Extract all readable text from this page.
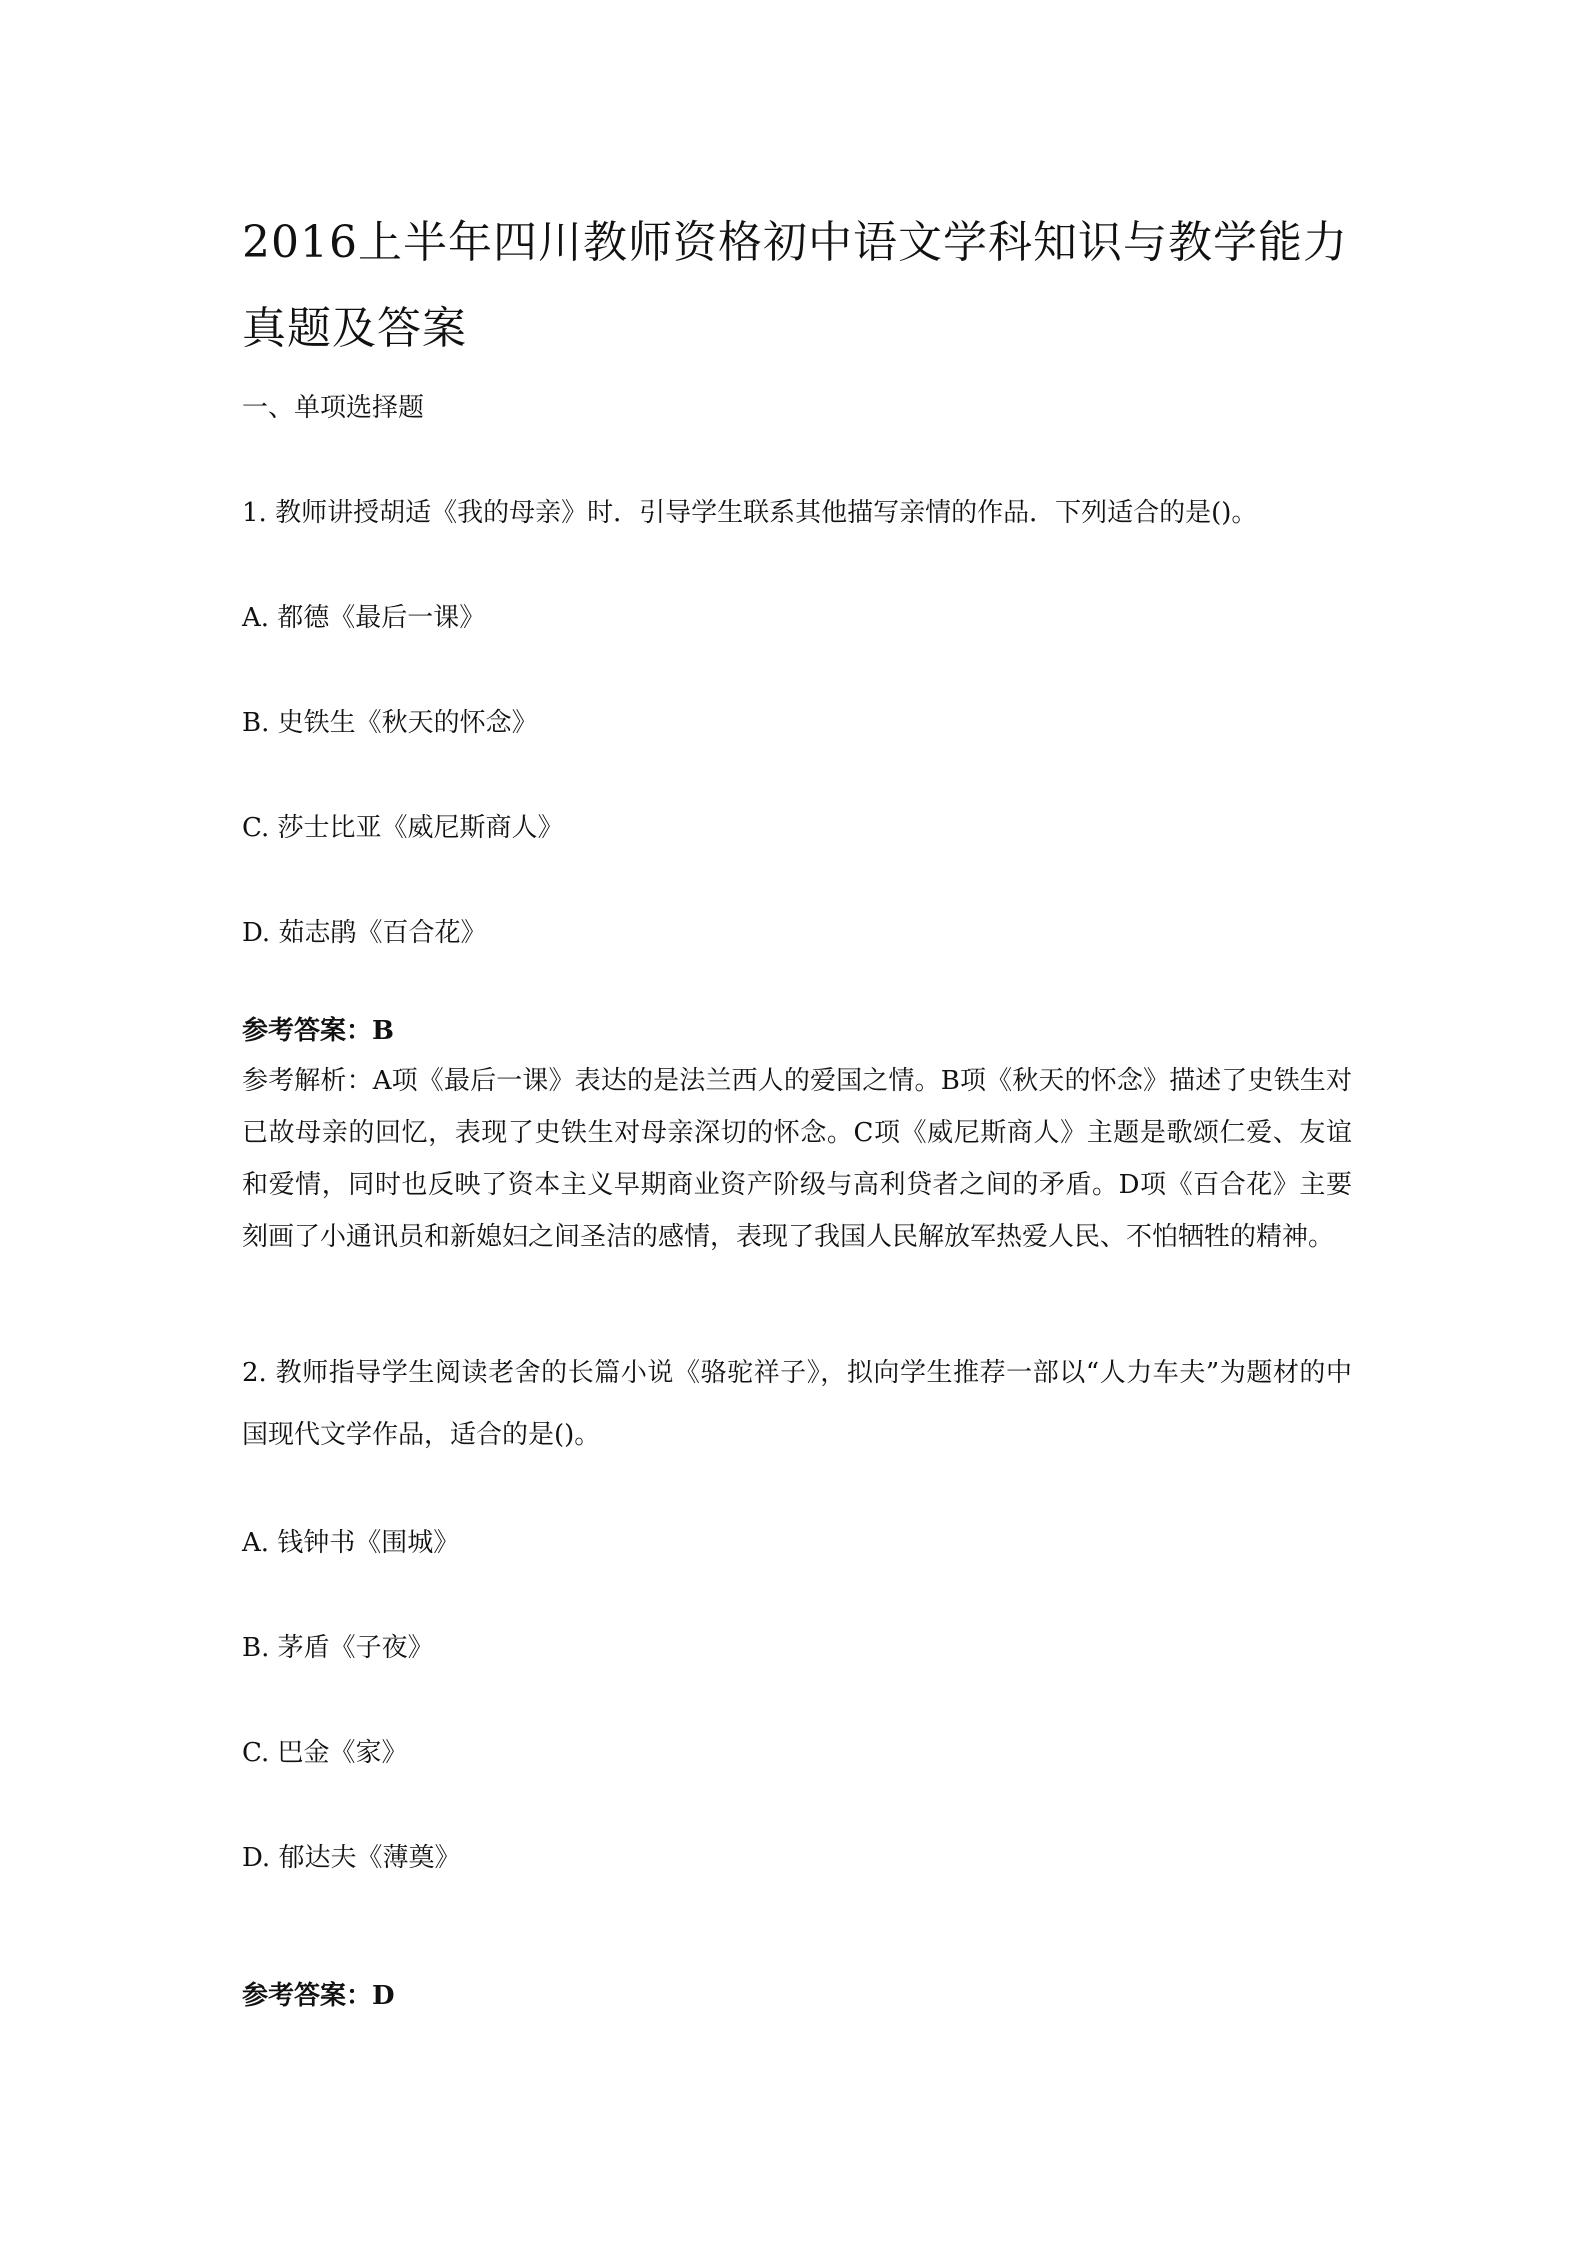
2016上半年四川教师资格初中语文学科知识与教学能力真题及答案

一、单项选择题

1. 教师讲授胡适《我的母亲》时．引导学生联系其他描写亲情的作品．下列适合的是()。

A. 都德《最后一课》

B. 史铁生《秋天的怀念》

C. 莎士比亚《威尼斯商人》

D. 茹志鹃《百合花》

参考答案：B

参考解析：A项《最后一课》表达的是法兰西人的爱国之情。B项《秋天的怀念》描述了史铁生对已故母亲的回忆，表现了史铁生对母亲深切的怀念。C项《威尼斯商人》主题是歌颂仁爱、友谊和爱情，同时也反映了资本主义早期商业资产阶级与高利贷者之间的矛盾。D项《百合花》主要刻画了小通讯员和新媳妇之间圣洁的感情，表现了我国人民解放军热爱人民、不怕牺牲的精神。

2. 教师指导学生阅读老舍的长篇小说《骆驼祥子》，拟向学生推荐一部以“人力车夫”为题材的中国现代文学作品，适合的是()。

A. 钱钟书《围城》

B. 茅盾《子夜》

C. 巴金《家》

D. 郁达夫《薄奠》

参考答案：D
